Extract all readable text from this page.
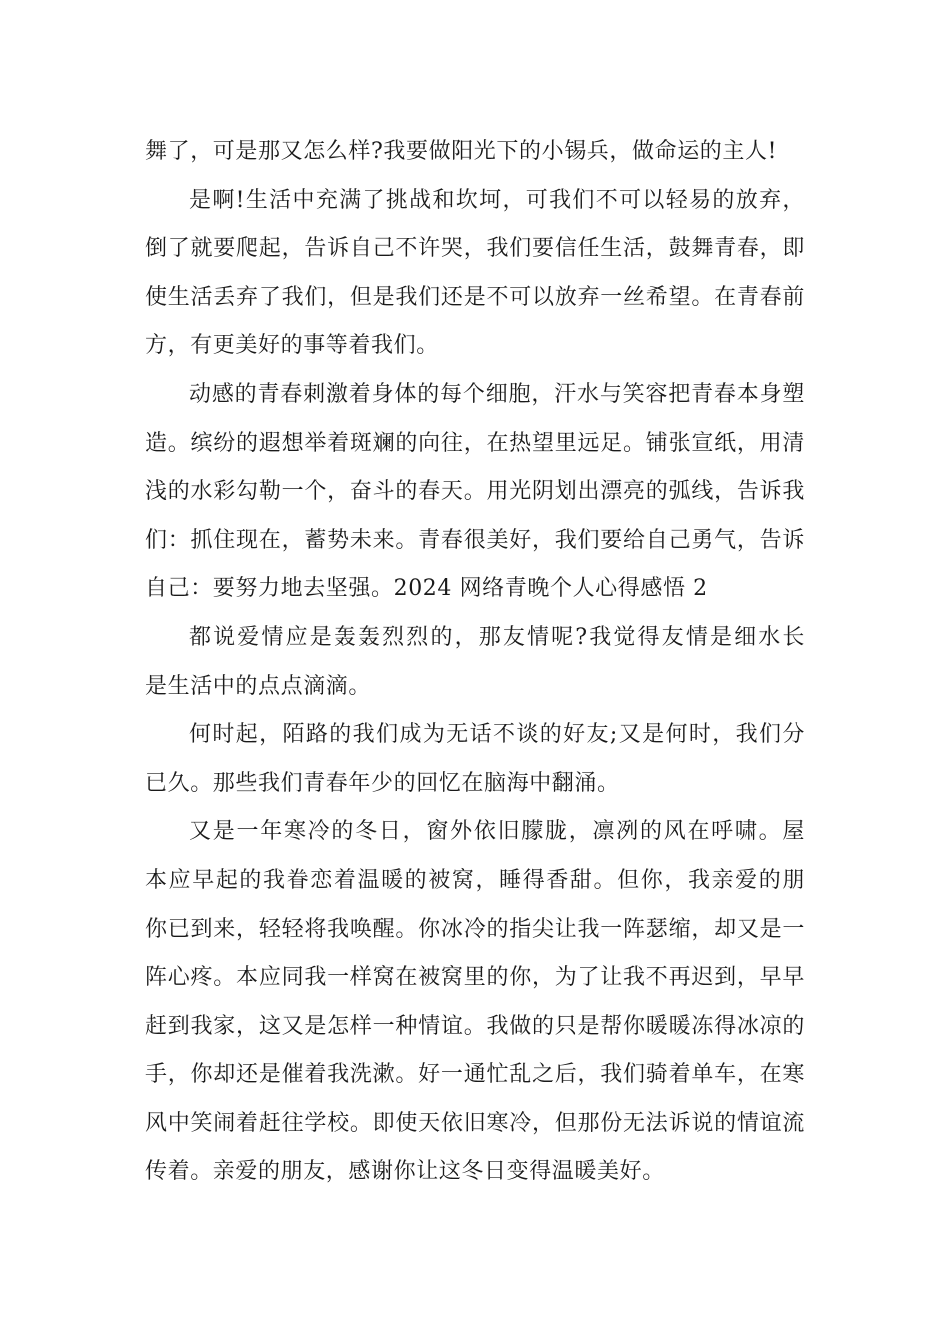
舞了，可是那又怎么样?我要做阳光下的小锡兵，做命运的主人!
是啊!生活中充满了挑战和坎坷，可我们不可以轻易的放弃，
倒了就要爬起，告诉自己不许哭，我们要信任生活，鼓舞青春，即
使生活丢弃了我们，但是我们还是不可以放弃一丝希望。在青春前
方，有更美好的事等着我们。
动感的青春刺激着身体的每个细胞，汗水与笑容把青春本身塑
造。缤纷的遐想举着斑斓的向往，在热望里远足。铺张宣纸，用清
浅的水彩勾勒一个，奋斗的春天。用光阴划出漂亮的弧线，告诉我
们：抓住现在，蓄势未来。青春很美好，我们要给自己勇气，告诉
自己：要努力地去坚强。2024 网络青晚个人心得感悟 2
都说爱情应是轰轰烈烈的，那友情呢?我觉得友情是细水长
是生活中的点点滴滴。
何时起，陌路的我们成为无话不谈的好友;又是何时，我们分
已久。那些我们青春年少的回忆在脑海中翻涌。
又是一年寒冷的冬日，窗外依旧朦胧，凛冽的风在呼啸。屋
本应早起的我眷恋着温暖的被窝，睡得香甜。但你，我亲爱的朋
你已到来，轻轻将我唤醒。你冰冷的指尖让我一阵瑟缩，却又是一
阵心疼。本应同我一样窝在被窝里的你，为了让我不再迟到，早早
赶到我家，这又是怎样一种情谊。我做的只是帮你暖暖冻得冰凉的
手，你却还是催着我洗漱。好一通忙乱之后，我们骑着单车，在寒
风中笑闹着赶往学校。即使天依旧寒冷，但那份无法诉说的情谊流
传着。亲爱的朋友，感谢你让这冬日变得温暖美好。
